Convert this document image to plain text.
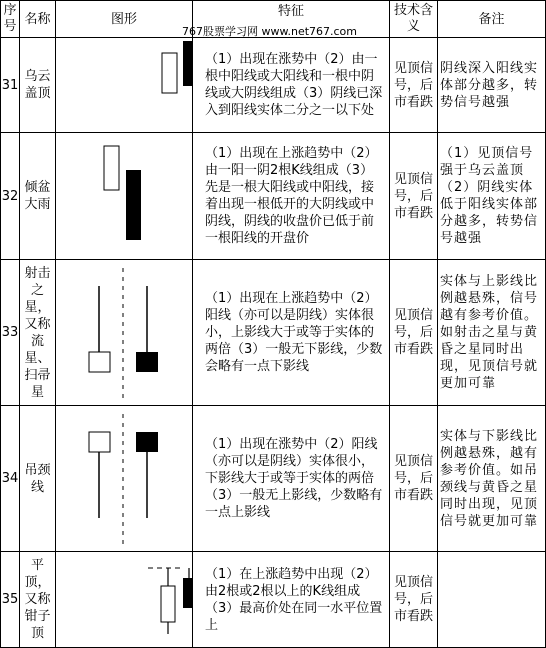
序号	名称	图形	特征	技术含义	备注
31	乌云盖顶		（1）出现在涨势中（2）由一根中阳线或大阳线和一根中阴线或大阴线组成（3）阴线已深入到阳线实体二分之一以下处	见顶信号，后市看跌	阴线深入阳线实体部分越多，转势信号越强
32	倾盆大雨		（1）出现在上涨趋势中（2）由一阳一阴2根K线组成（3）先是一根大阳线或中阳线，接着出现一根低开的大阴线或中阴线，阴线的收盘价已低于前一根阳线的开盘价	见顶信号，后市看跌	（1）见顶信号强于乌云盖顶（2）阴线实体低于阳线实体部分越多，转势信号越强
33	射击之星，又称流星、扫帚星		（1）出现在上涨趋势中（2）阳线（亦可以是阴线）实体很小，上影线大于或等于实体的两倍（3）一般无下影线，少数会略有一点下影线	见顶信号，后市看跌	实体与上影线比例越悬殊，信号越有参考价值。如射击之星与黄昏之星同时出现，见顶信号就更加可靠
34	吊颈线		（1）出现在涨势中（2）阳线（亦可以是阴线）实体很小，下影线大于或等于实体的两倍（3）一般无上影线，少数略有一点上影线	见顶信号，后市看跌	实体与下影线比例越悬殊，越有参考价值。如吊颈线与黄昏之星同时出现，见顶信号就更加可靠
35	平顶，又称钳子顶		（1）在上涨趋势中出现（2）由2根或2根以上的K线组成（3）最高价处在同一水平位置上	见顶信号，后市看跌	
767股票学习网 www.net767.com
